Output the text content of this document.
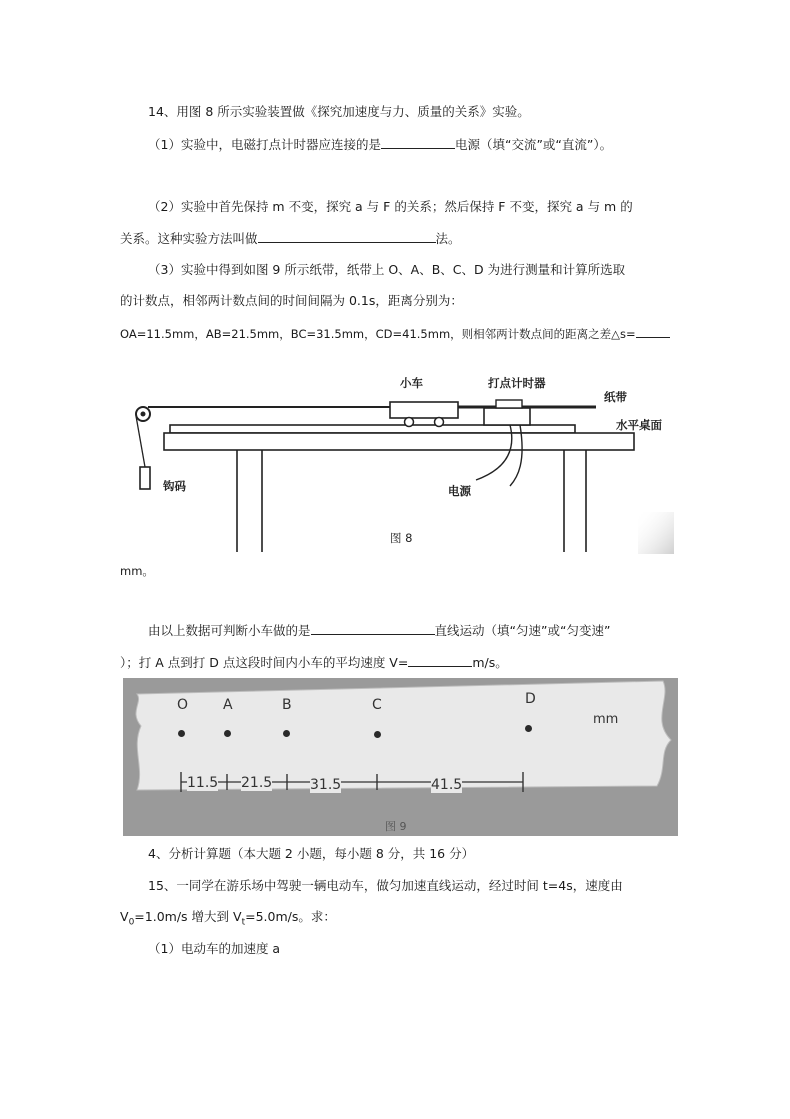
14、用图 8 所示实验装置做《探究加速度与力、质量的关系》实验。
（1）实验中，电磁打点计时器应连接的是	电源（填“交流”或“直流”）。
（2）实验中首先保持 m 不变，探究 a 与 F 的关系；然后保持 F 不变，探究 a 与 m 的
关系。这种实验方法叫做	法。
（3）实验中得到如图 9 所示纸带，纸带上 O、A、B、C、D 为进行测量和计算所选取
的计数点，相邻两计数点间的时间间隔为 0.1s，距离分别为：
OA=11.5mm，AB=21.5mm，BC=31.5mm，CD=41.5mm，则相邻两计数点间的距离之差△s=
小车	打点计时器
纸带
水平桌面
钩码	电源
图 8
mm。
由以上数据可判断小车做的是	直线运动（填“匀速”或“匀变速”
）；打 A 点到打 D 点这段时间内小车的平均速度 V=	m/s。
O A	B	C	D
mm
11.5 21.5	31.5	41.5
图 9
4、分析计算题（本大题 2 小题，每小题 8 分，共 16 分）
15、一同学在游乐场中驾驶一辆电动车，做匀加速直线运动，经过时间 t=4s，速度由
$V_0=1.0m/s$ 增大到 $V_t=5.0m/s$。求：
（1）电动车的加速度 a
